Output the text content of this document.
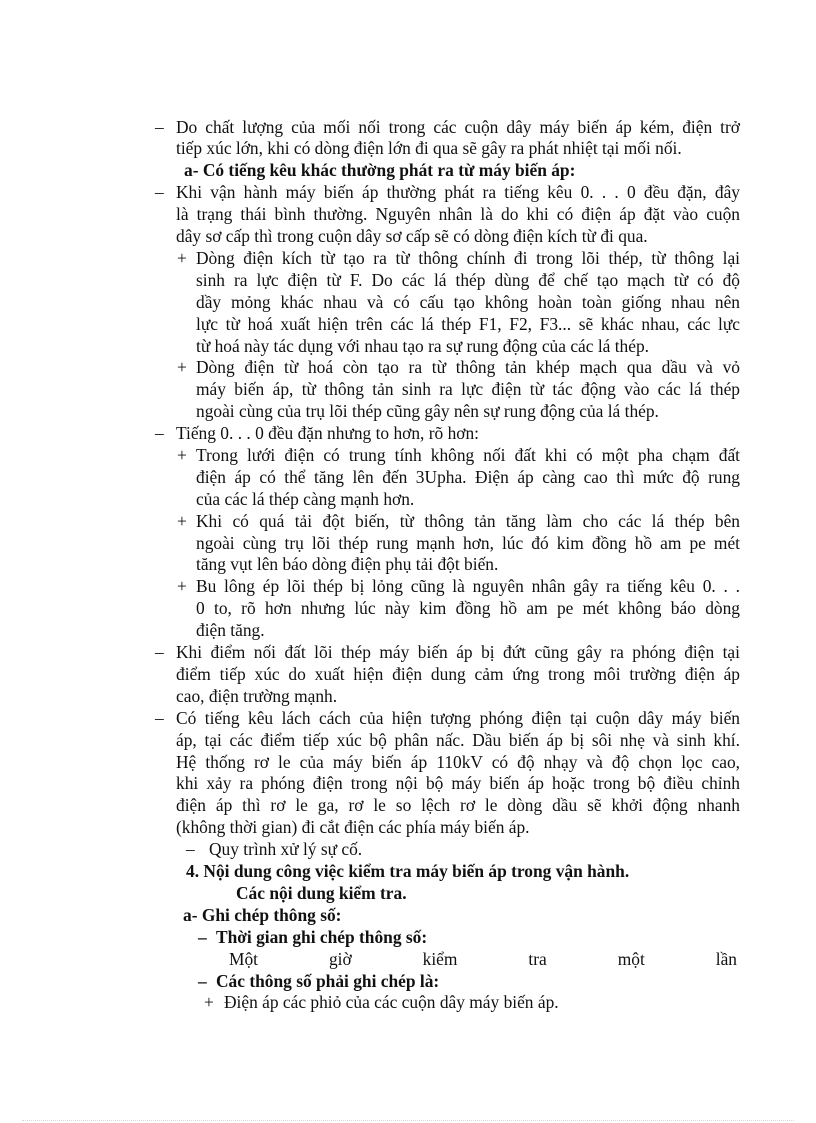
– Do chất lượng của mối nối trong các cuộn dây máy biến áp kém, điện trở
tiếp xúc lớn, khi có dòng điện lớn đi qua sẽ gây ra phát nhiệt tại mối nối.
a- Có tiếng kêu khác thường phát ra từ máy biến áp:
– Khi vận hành máy biến áp thường phát ra tiếng kêu 0. . . 0 đều đặn, đây
là trạng thái bình thường. Nguyên nhân là do khi có điện áp đặt vào cuộn
dây sơ cấp thì trong cuộn dây sơ cấp sẽ có dòng điện kích từ đi qua.
+ Dòng điện kích từ tạo ra từ thông chính đi trong lõi thép, từ thông lại
sinh ra lực điện từ F. Do các lá thép dùng để chế tạo mạch từ có độ
dầy mỏng khác nhau và có cấu tạo không hoàn toàn giống nhau nên
lực từ hoá xuất hiện trên các lá thép F1, F2, F3... sẽ khác nhau, các lực
từ hoá này tác dụng với nhau tạo ra sự rung động của các lá thép.
+ Dòng điện từ hoá còn tạo ra từ thông tản khép mạch qua dầu và vỏ
máy biến áp, từ thông tản sinh ra lực điện từ tác động vào các lá thép
ngoài cùng của trụ lõi thép cũng gây nên sự rung động của lá thép.
– Tiếng 0. . . 0 đều đặn nhưng to hơn, rõ hơn:
+ Trong lưới điện có trung tính không nối đất khi có một pha chạm đất
điện áp có thể tăng lên đến 3Upha. Điện áp càng cao thì mức độ rung
của các lá thép càng mạnh hơn.
+ Khi có quá tải đột biến, từ thông tản tăng làm cho các lá thép bên
ngoài cùng trụ lõi thép rung mạnh hơn, lúc đó kim đồng hồ am pe mét
tăng vụt lên báo dòng điện phụ tải đột biến.
+ Bu lông ép lõi thép bị lỏng cũng là nguyên nhân gây ra tiếng kêu 0. . .
0 to, rõ hơn nhưng lúc này kim đồng hồ am pe mét không báo dòng
điện tăng.
– Khi điểm nối đất lõi thép máy biến áp bị đứt cũng gây ra phóng điện tại
điểm tiếp xúc do xuất hiện điện dung cảm ứng trong môi trường điện áp
cao, điện trường mạnh.
– Có tiếng kêu lách cách của hiện tượng phóng điện tại cuộn dây máy biến
áp, tại các điểm tiếp xúc bộ phân nấc. Dầu biến áp bị sôi nhẹ và sinh khí.
Hệ thống rơ le của máy biến áp 110kV có độ nhạy và độ chọn lọc cao,
khi xảy ra phóng điện trong nội bộ máy biến áp hoặc trong bộ điều chỉnh
điện áp thì rơ le ga, rơ le so lệch rơ le dòng dầu sẽ khởi động nhanh
(không thời gian) đi cắt điện các phía máy biến áp.
– Quy trình xử lý sự cố.
4. Nội dung công việc kiểm tra máy biến áp trong vận hành.
Các nội dung kiểm tra.
a- Ghi chép thông số:
– Thời gian ghi chép thông số:
Một giờ kiểm tra một lần
– Các thông số phải ghi chép là:
+ Điện áp các phiỏ của các cuộn dây máy biến áp.
